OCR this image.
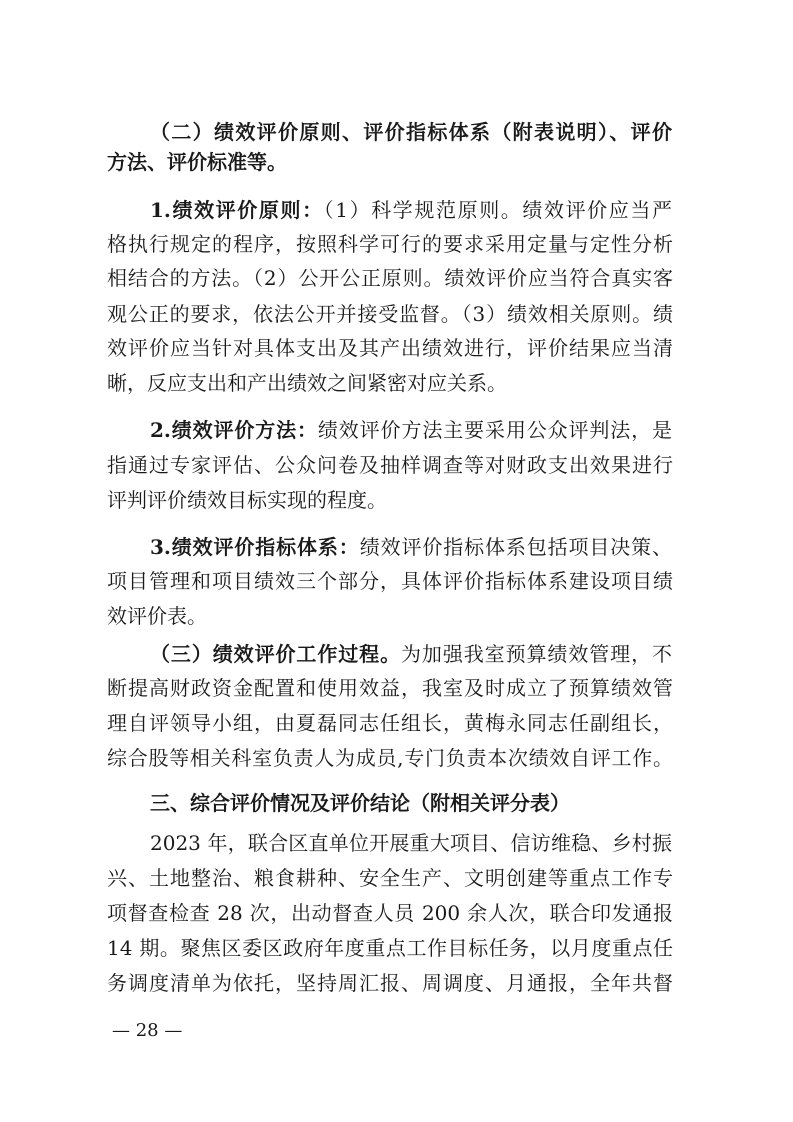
（二）绩效评价原则、评价指标体系（附表说明）、评价
方法、评价标准等。
1.绩效评价原则：（1）科学规范原则。绩效评价应当严
格执行规定的程序，按照科学可行的要求采用定量与定性分析
相结合的方法。（2）公开公正原则。绩效评价应当符合真实客
观公正的要求，依法公开并接受监督。（3）绩效相关原则。绩
效评价应当针对具体支出及其产出绩效进行，评价结果应当清
晰，反应支出和产出绩效之间紧密对应关系。
2.绩效评价方法：绩效评价方法主要采用公众评判法，是
指通过专家评估、公众问卷及抽样调查等对财政支出效果进行
评判评价绩效目标实现的程度。
3.绩效评价指标体系：绩效评价指标体系包括项目决策、
项目管理和项目绩效三个部分，具体评价指标体系建设项目绩
效评价表。
（三）绩效评价工作过程。为加强我室预算绩效管理，不
断提高财政资金配置和使用效益，我室及时成立了预算绩效管
理自评领导小组，由夏磊同志任组长，黄梅永同志任副组长，
综合股等相关科室负责人为成员,专门负责本次绩效自评工作。
三、综合评价情况及评价结论（附相关评分表）
2023 年，联合区直单位开展重大项目、信访维稳、乡村振
兴、土地整治、粮食耕种、安全生产、文明创建等重点工作专
项督查检查 28 次，出动督查人员 200 余人次，联合印发通报
14 期。聚焦区委区政府年度重点工作目标任务，以月度重点任
务调度清单为依托，坚持周汇报、周调度、月通报，全年共督
— 28 —
